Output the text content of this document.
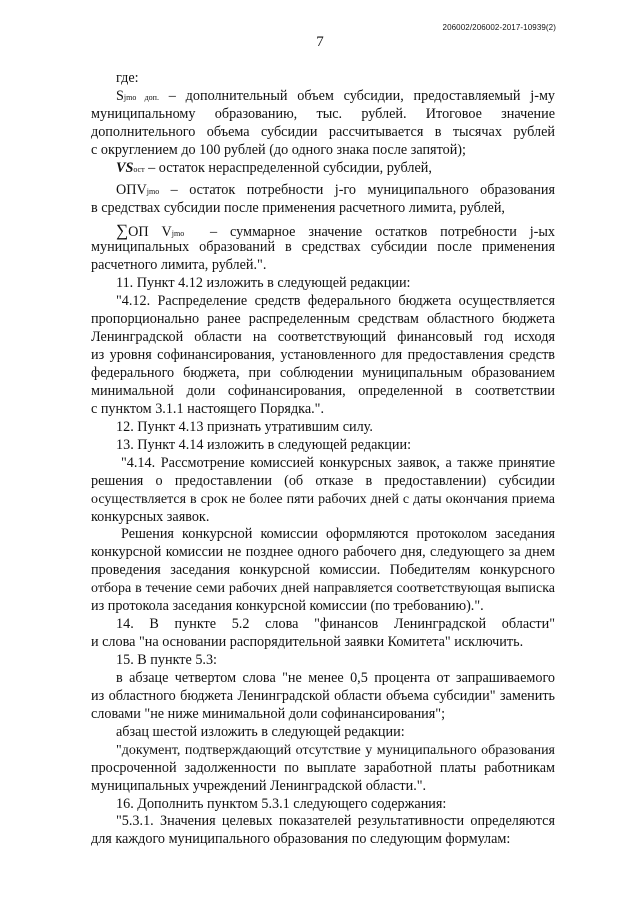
206002/206002-2017-10939(2)
7
где:
Sjmo доп. – дополнительный объем субсидии, предоставляемый j-му
муниципальному образованию, тыс. рублей. Итоговое значение
дополнительного объема субсидии рассчитывается в тысячах рублей
с округлением до 100 рублей (до одного знака после запятой);
VSост – остаток нераспределенной субсидии, рублей,
ОПVjmo – остаток потребности j-го муниципального образования
в средствах субсидии после применения расчетного лимита, рублей,
∑ОП Vjmo – суммарное значение остатков потребности j-ых
муниципальных образований в средствах субсидии после применения
расчетного лимита, рублей.".
11. Пункт 4.12 изложить в следующей редакции:
"4.12. Распределение средств федерального бюджета осуществляется
пропорционально ранее распределенным средствам областного бюджета
Ленинградской области на соответствующий финансовый год исходя
из уровня софинансирования, установленного для предоставления средств
федерального бюджета, при соблюдении муниципальным образованием
минимальной доли софинансирования, определенной в соответствии
с пунктом 3.1.1 настоящего Порядка.".
12. Пункт 4.13 признать утратившим силу.
13. Пункт 4.14 изложить в следующей редакции:
"4.14. Рассмотрение комиссией конкурсных заявок, а также принятие
решения о предоставлении (об отказе в предоставлении) субсидии
осуществляется в срок не более пяти рабочих дней с даты окончания приема
конкурсных заявок.
Решения конкурсной комиссии оформляются протоколом заседания
конкурсной комиссии не позднее одного рабочего дня, следующего за днем
проведения заседания конкурсной комиссии. Победителям конкурсного
отбора в течение семи рабочих дней направляется соответствующая выписка
из протокола заседания конкурсной комиссии (по требованию).".
14. В пункте 5.2 слова "финансов Ленинградской области"
и слова "на основании распорядительной заявки Комитета" исключить.
15. В пункте 5.3:
в абзаце четвертом слова "не менее 0,5 процента от запрашиваемого
из областного бюджета Ленинградской области объема субсидии" заменить
словами "не ниже минимальной доли софинансирования";
абзац шестой изложить в следующей редакции:
"документ, подтверждающий отсутствие у муниципального образования
просроченной задолженности по выплате заработной платы работникам
муниципальных учреждений Ленинградской области.".
16. Дополнить пунктом 5.3.1 следующего содержания:
"5.3.1. Значения целевых показателей результативности определяются
для каждого муниципального образования по следующим формулам:
